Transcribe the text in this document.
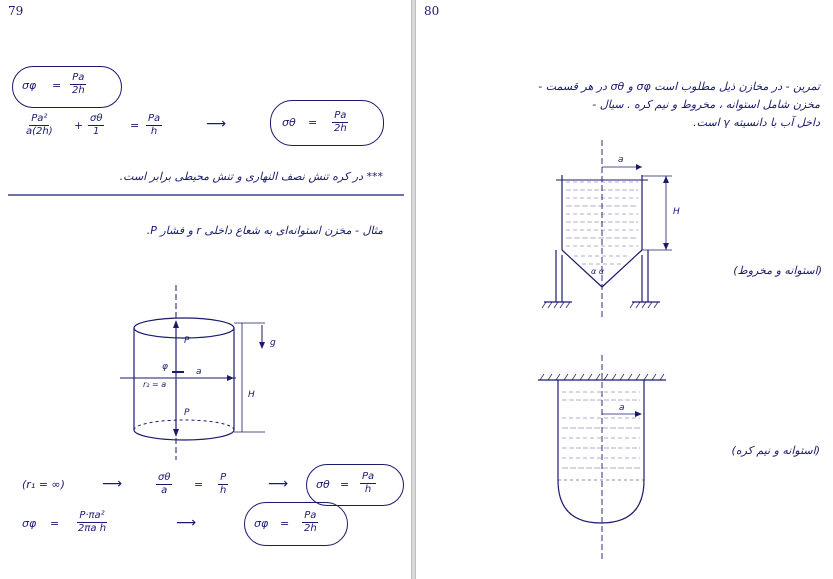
79
$\sigma\varphi = \frac{Pa}{2h}$
$\frac{\text{Pa²}}{a(2h)} + \frac{\sigma\theta}{1} = \frac{Pa}{h}$	⟶	$\sigma\theta = \frac{Pa}{2h}$
*** در کره تنش نصف النهاری و تنش محیطی برابر است.
P
P
φ	a
r₂ = a
H
g
مثال - مخزن استوانه‌ای به شعاع داخلی r و فشار P.
(r₁ = ∞)	⟶	$\frac{\sigma\theta}{a} = \frac{P}{h}$	⟶	$\sigma\theta = \frac{Pa}{h}$
$\sigma\varphi = \frac{\text{P·πa²}}{\text{2πa h}}$	⟶	$\sigma\varphi = \frac{Pa}{2h}$
80
تمرین - در مخازن ذیل مطلوب است σφ و σθ در هر قسمت -
مخزن شامل استوانه ، مخروط و نیم کره . سیال -
داخل آب با دانسیته γ است.
a
H
α α	(استوانه و مخروط)
a
(استوانه و نیم کره)
